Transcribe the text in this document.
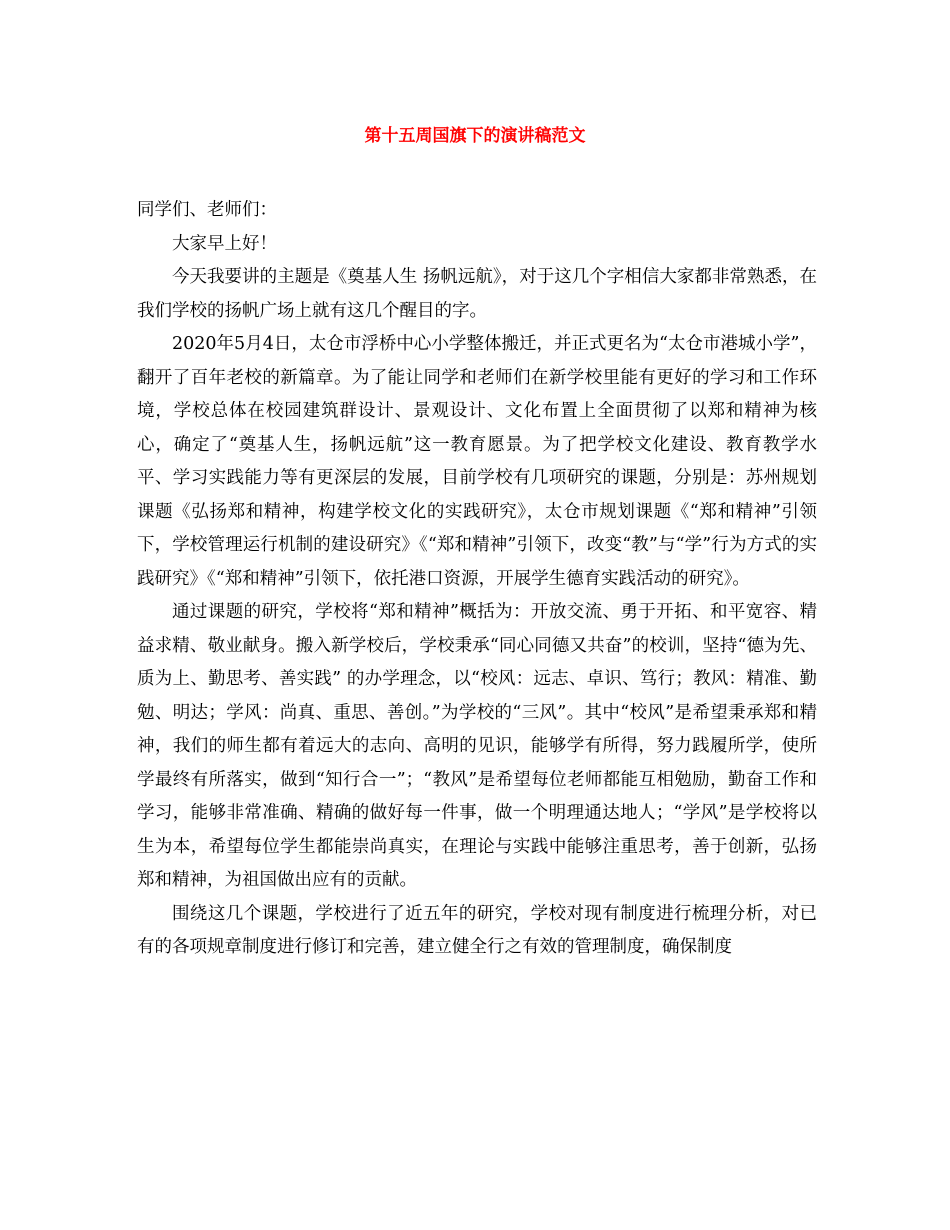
第十五周国旗下的演讲稿范文

同学们、老师们：

大家早上好！

今天我要讲的主题是《奠基人生 扬帆远航》，对于这几个字相信大家都非常熟悉，在我们学校的扬帆广场上就有这几个醒目的字。

2020年5月4日，太仓市浮桥中心小学整体搬迁，并正式更名为“太仓市港城小学”，翻开了百年老校的新篇章。为了能让同学和老师们在新学校里能有更好的学习和工作环境，学校总体在校园建筑群设计、景观设计、文化布置上全面贯彻了以郑和精神为核心，确定了“奠基人生，扬帆远航”这一教育愿景。为了把学校文化建设、教育教学水平、学习实践能力等有更深层的发展，目前学校有几项研究的课题，分别是：苏州规划课题《弘扬郑和精神，构建学校文化的实践研究》，太仓市规划课题《“郑和精神”引领下，学校管理运行机制的建设研究》《“郑和精神”引领下，改变“教”与“学”行为方式的实践研究》《“郑和精神”引领下，依托港口资源，开展学生德育实践活动的研究》。

通过课题的研究，学校将“郑和精神”概括为：开放交流、勇于开拓、和平宽容、精益求精、敬业献身。搬入新学校后，学校秉承“同心同德又共奋”的校训，坚持“德为先、质为上、勤思考、善实践” 的办学理念，以“校风：远志、卓识、笃行；教风：精准、勤勉、明达；学风：尚真、重思、善创。”为学校的“三风”。其中“校风”是希望秉承郑和精神，我们的师生都有着远大的志向、高明的见识，能够学有所得，努力践履所学，使所学最终有所落实，做到“知行合一”；“教风”是希望每位老师都能互相勉励，勤奋工作和学习，能够非常准确、精确的做好每一件事，做一个明理通达地人；“学风”是学校将以生为本，希望每位学生都能崇尚真实，在理论与实践中能够注重思考，善于创新，弘扬郑和精神，为祖国做出应有的贡献。

围绕这几个课题，学校进行了近五年的研究，学校对现有制度进行梳理分析，对已有的各项规章制度进行修订和完善，建立健全行之有效的管理制度，确保制度
